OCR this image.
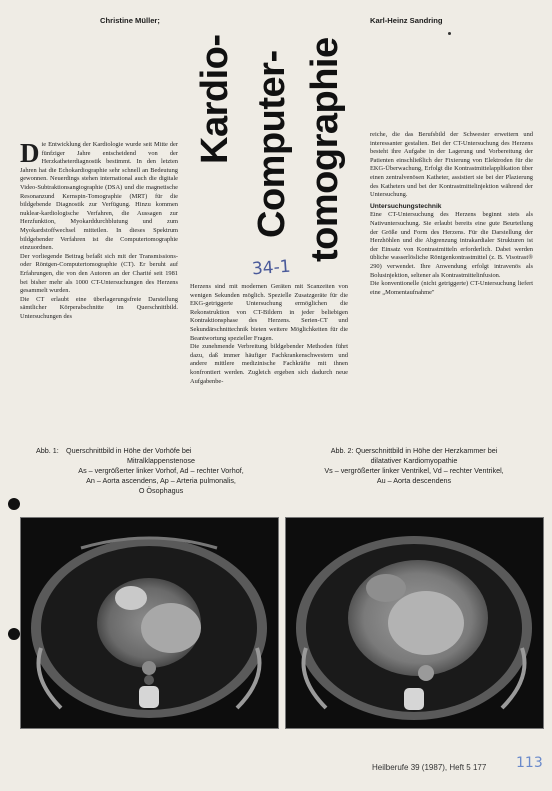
Christine Müller;	Karl-Heinz Sandring
Kardio- Computer- tomographie
34-1
D ie Entwicklung der Kardiologie wurde seit Mitte der fünfziger Jahre entscheidend von der Herzkatheterdiagnostik bestimmt. In den letzten Jahren hat die Echokardiographie sehr schnell an Bedeutung gewonnen. Neuerdings stehen international auch die digitale Video-Subtraktionsangiographie (DSA) und die magnetische Resonanzund Kernspin-Tomographie (MRT) für die bildgebende Diagnostik zur Verfügung. Hinzu kommen nuklear-kardiologische Verfahren, die Aussagen zur Herzfunktion, Myokarddurchblutung und zum Myokardstoffwechsel mitteilen. In dieses Spektrum bildgebender Verfahren ist die Computertomographie einzuordnen.

Der vorliegende Beitrag befaßt sich mit der Transmissions- oder Röntgen-Computertomographie (CT). Er beruht auf Erfahrungen, die von den Autoren an der Charité seit 1981 bei bisher mehr als 1000 CT-Untersuchungen des Herzens gesammelt wurden.

Die CT erlaubt eine überlagerungsfreie Darstellung sämtlicher Körperabschnitte im Querschnittbild. Untersuchungen des

Herzens sind mit modernen Geräten mit Scanzeiten von wenigen Sekunden möglich. Spezielle Zusatzgeräte für die EKG-getriggerte Untersuchung ermöglichen die Rekonstruktion von CT-Bildern in jeder beliebigen Kontraktionsphase des Herzens. Serien-CT und Sekundärschnittechnik bieten weitere Möglichkeiten für die Beantwortung spezieller Fragen.

Die zunehmende Verbreitung bildgebender Methoden führt dazu, daß immer häufiger Fachkrankenschwestern und andere mittlere medizinische Fachkräfte mit ihnen konfrontiert werden. Zugleich ergeben sich dadurch neue Aufgabenbe-

reiche, die das Berufsbild der Schwester erweitern und interessanter gestalten. Bei der CT-Untersuchung des Herzens besteht ihre Aufgabe in der Lagerung und Vorbereitung der Patienten einschließlich der Fixierung von Elektroden für die EKG-Überwachung, Erfolgt die Kontrastmittelapplikation über einen zentralvenösen Katheter, assistiert sie bei der Plazierung des Katheters und bei der Kontrastmittelinjektion während der Untersuchung.

Untersuchungstechnik

Eine CT-Untersuchung des Herzens beginnt stets als Nativuntersuchung. Sie erlaubt bereits eine gute Beurteilung der Größe und Form des Herzens. Für die Darstellung der Herzhöhlen und die Abgrenzung intrakardialer Strukturen ist der Einsatz von Kontrastmitteln erforderlich. Dabei werden übliche wasserlösliche Röntgenkontrastmittel (z. B. Visotrast® 290) verwendet. Ihre Anwendung erfolgt intravenös als Bolusinjektion, seltener als Kontrastmittelinfusion.

Die konventionelle (nicht getriggerte) CT-Untersuchung liefert eine „Momentaufnahme"

Abb. 1:	Querschnittbild in Höhe der Vorhöfe bei
Mitralklappenstenose
As – vergrößerter linker Vorhof, Ad – rechter Vorhof,
An – Aorta ascendens, Ap – Arteria pulmonalis,
O Ösophagus
Abb. 2: Querschnittbild in Höhe der Herzkammer bei
dilatativer Kardiomyopathie
Vs – vergrößerter linker Ventrikel, Vd – rechter Ventrikel,
Au – Aorta descendens
Heilberufe 39 (1987), Heft 5 177 113
